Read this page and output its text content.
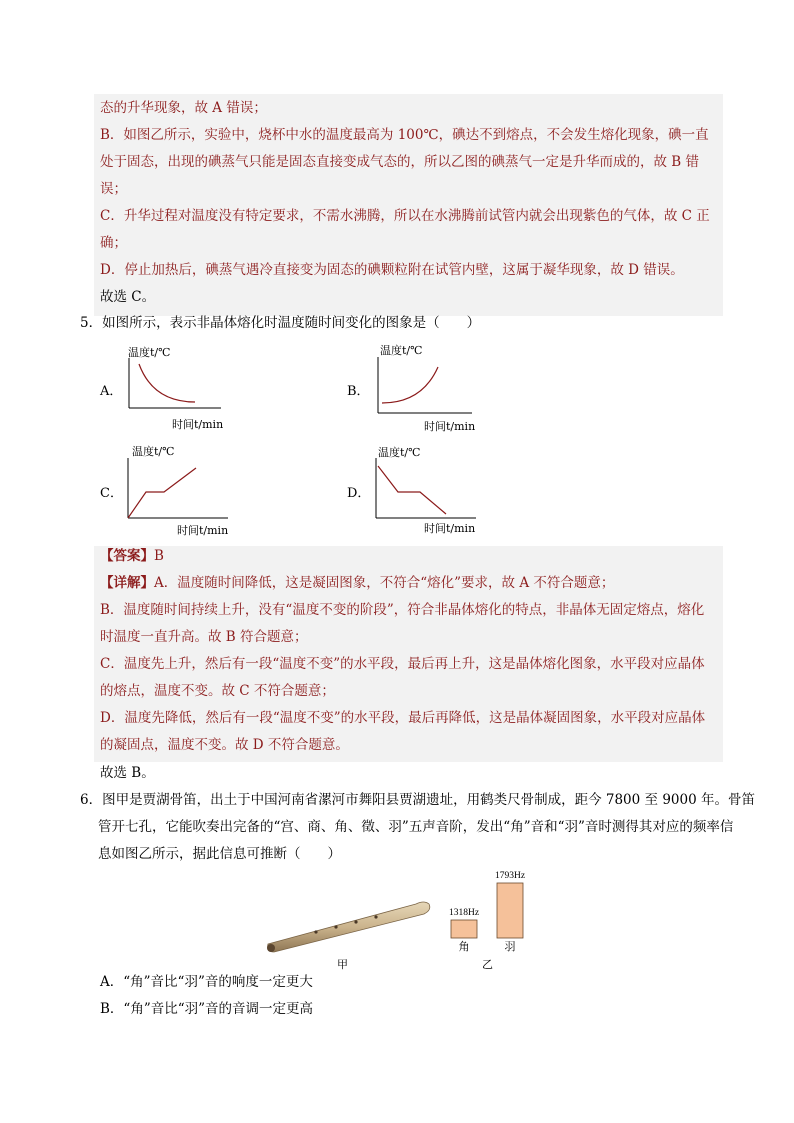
态的升华现象，故 A 错误；
B．如图乙所示，实验中，烧杯中水的温度最高为 100℃，碘达不到熔点，不会发生熔化现象，碘一直
处于固态，出现的碘蒸气只能是固态直接变成气态的，所以乙图的碘蒸气一定是升华而成的，故 B 错
误；
C．升华过程对温度没有特定要求，不需水沸腾，所以在水沸腾前试管内就会出现紫色的气体，故 C 正
确；
D．停止加热后，碘蒸气遇冷直接变为固态的碘颗粒附在试管内壁，这属于凝华现象，故 D 错误。
故选 C。
5．如图所示，表示非晶体熔化时温度随时间变化的图象是（　　）
A．
温度t/℃
时间t/min
B．
温度t/℃
时间t/min
C．
温度t/℃
时间t/min
D．
温度t/℃
时间t/min
【答案】B
【详解】A．温度随时间降低，这是凝固图象，不符合“熔化”要求，故 A 不符合题意；
B．温度随时间持续上升，没有“温度不变的阶段”，符合非晶体熔化的特点，非晶体无固定熔点，熔化
时温度一直升高。故 B 符合题意；
C．温度先上升，然后有一段“温度不变”的水平段，最后再上升，这是晶体熔化图象，水平段对应晶体
的熔点，温度不变。故 C 不符合题意；
D．温度先降低，然后有一段“温度不变”的水平段，最后再降低，这是晶体凝固图象，水平段对应晶体
的凝固点，温度不变。故 D 不符合题意。
故选 B。
6．图甲是贾湖骨笛，出土于中国河南省漯河市舞阳县贾湖遗址，用鹤类尺骨制成，距今 7800 至 9000 年。骨笛
管开七孔，它能吹奏出完备的“宫、商、角、徵、羽”五声音阶，发出“角”音和“羽”音时测得其对应的频率信
息如图乙所示，据此信息可推断（　　）
甲
1318Hz
角
1793Hz
羽
乙
A．“角”音比“羽”音的响度一定更大
B．“角”音比“羽”音的音调一定更高
